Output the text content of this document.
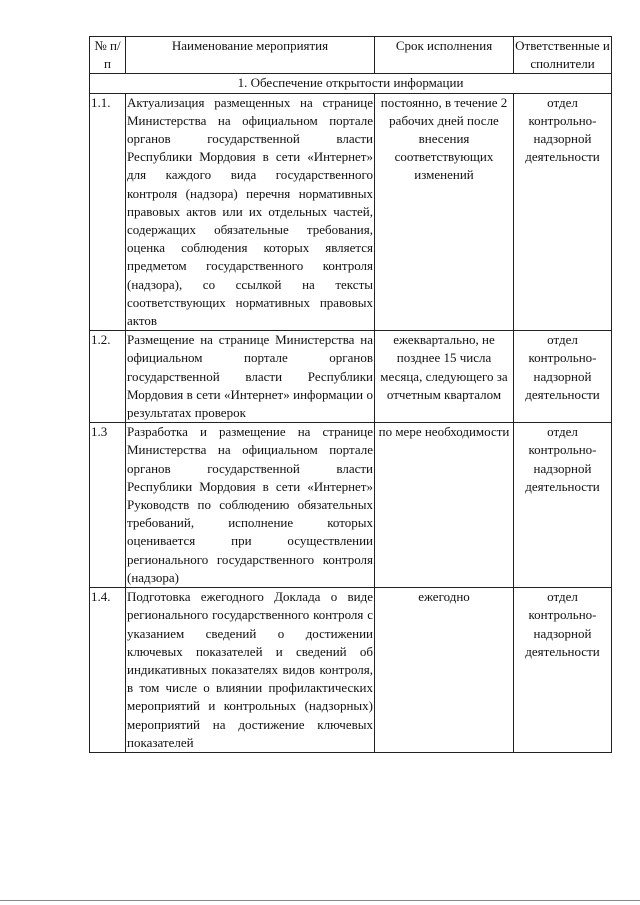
№ п/п	Наименование мероприятия	Срок исполнения	Ответственные исполнители
1. Обеспечение открытости информации			
1.1.	Актуализация размещенных на странице Министерства на официальном портале органов государственной власти Республики Мордовия в сети «Интернет» для каждого вида государственного контроля (надзора) перечня нормативных правовых актов или их отдельных частей, содержащих обязательные требования, оценка соблюдения которых является предметом государственного контроля (надзора), со ссылкой на тексты соответствующих нормативных правовых актов	постоянно, в течение 2 рабочих дней после внесения соответствующих изменений	отдел контрольно-надзорной деятельности
1.2.	Размещение на странице Министерства на официальном портале органов государственной власти Республики Мордовия в сети «Интернет» информации о результатах проверок	ежеквартально, не позднее 15 числа месяца, следующего за отчетным кварталом	отдел контрольно-надзорной деятельности
1.3	Разработка и размещение на странице Министерства на официальном портале органов государственной власти Республики Мордовия в сети «Интернет» Руководств по соблюдению обязательных требований, исполнение которых оценивается при осуществлении регионального государственного контроля (надзора)	по мере необходимости	отдел контрольно-надзорной деятельности
1.4.	Подготовка ежегодного Доклада о виде регионального государственного контроля с указанием сведений о достижении ключевых показателей и сведений об индикативных показателях видов контроля, в том числе о влиянии профилактических мероприятий и контрольных (надзорных) мероприятий на достижение ключевых показателей	ежегодно	отдел контрольно-надзорной деятельности
